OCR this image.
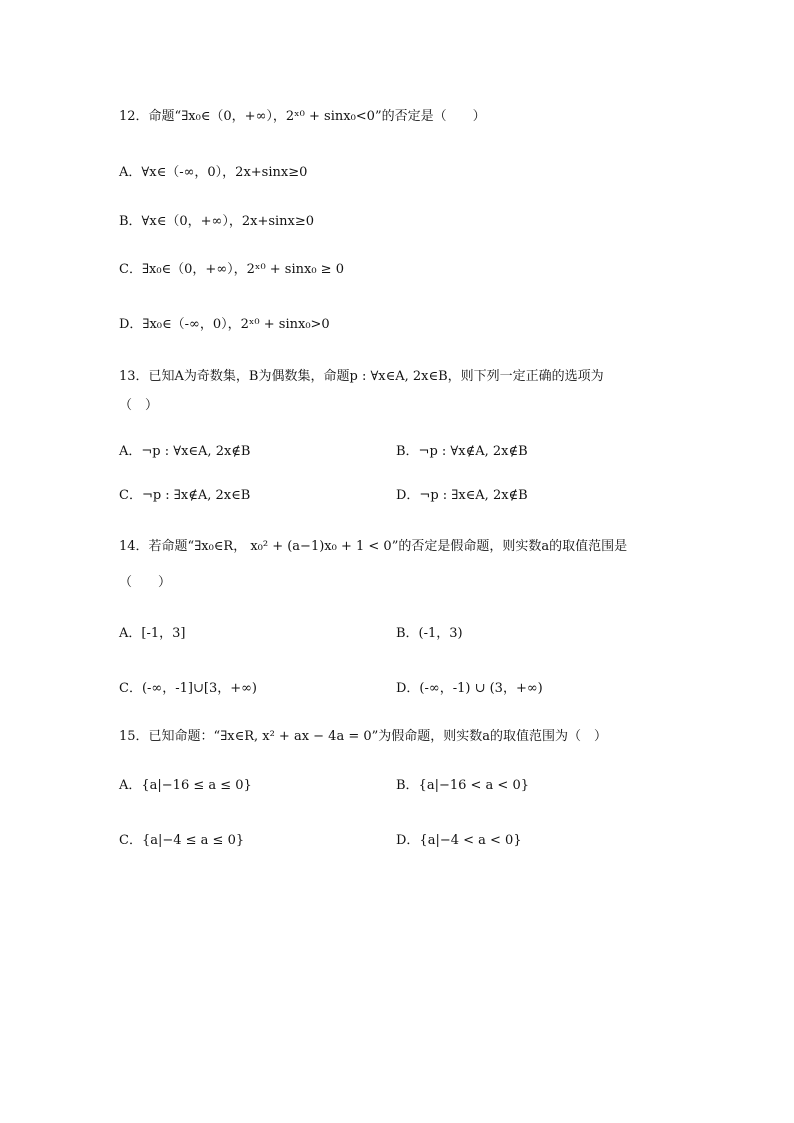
12．命题“∃x₀∈（0，+∞），2ˣ⁰ + sinx₀<0”的否定是（　　）
A．∀x∈（-∞，0），2x+sinx≥0
B．∀x∈（0，+∞），2x+sinx≥0
C．∃x₀∈（0，+∞），2ˣ⁰ + sinx₀ ≥ 0
D．∃x₀∈（-∞，0），2ˣ⁰ + sinx₀>0
13．已知A为奇数集，B为偶数集，命题p : ∀x∈A, 2x∈B，则下列一定正确的选项为
（　）
A．¬p : ∀x∈A, 2x∉B	B．¬p : ∀x∉A, 2x∉B
C．¬p : ∃x∉A, 2x∈B	D．¬p : ∃x∈A, 2x∉B
14．若命题“∃x₀∈R， x₀² + (a−1)x₀ + 1 < 0”的否定是假命题，则实数a的取值范围是
（　　）
A．[-1，3]	B．(-1，3)
C．(-∞，-1]∪[3，+∞)	D．(-∞，-1) ∪ (3，+∞)
15．已知命题：“∃x∈R, x² + ax − 4a = 0”为假命题，则实数a的取值范围为（　）
A．{a|−16 ≤ a ≤ 0}	B．{a|−16 < a < 0}
C．{a|−4 ≤ a ≤ 0}	D．{a|−4 < a < 0}
